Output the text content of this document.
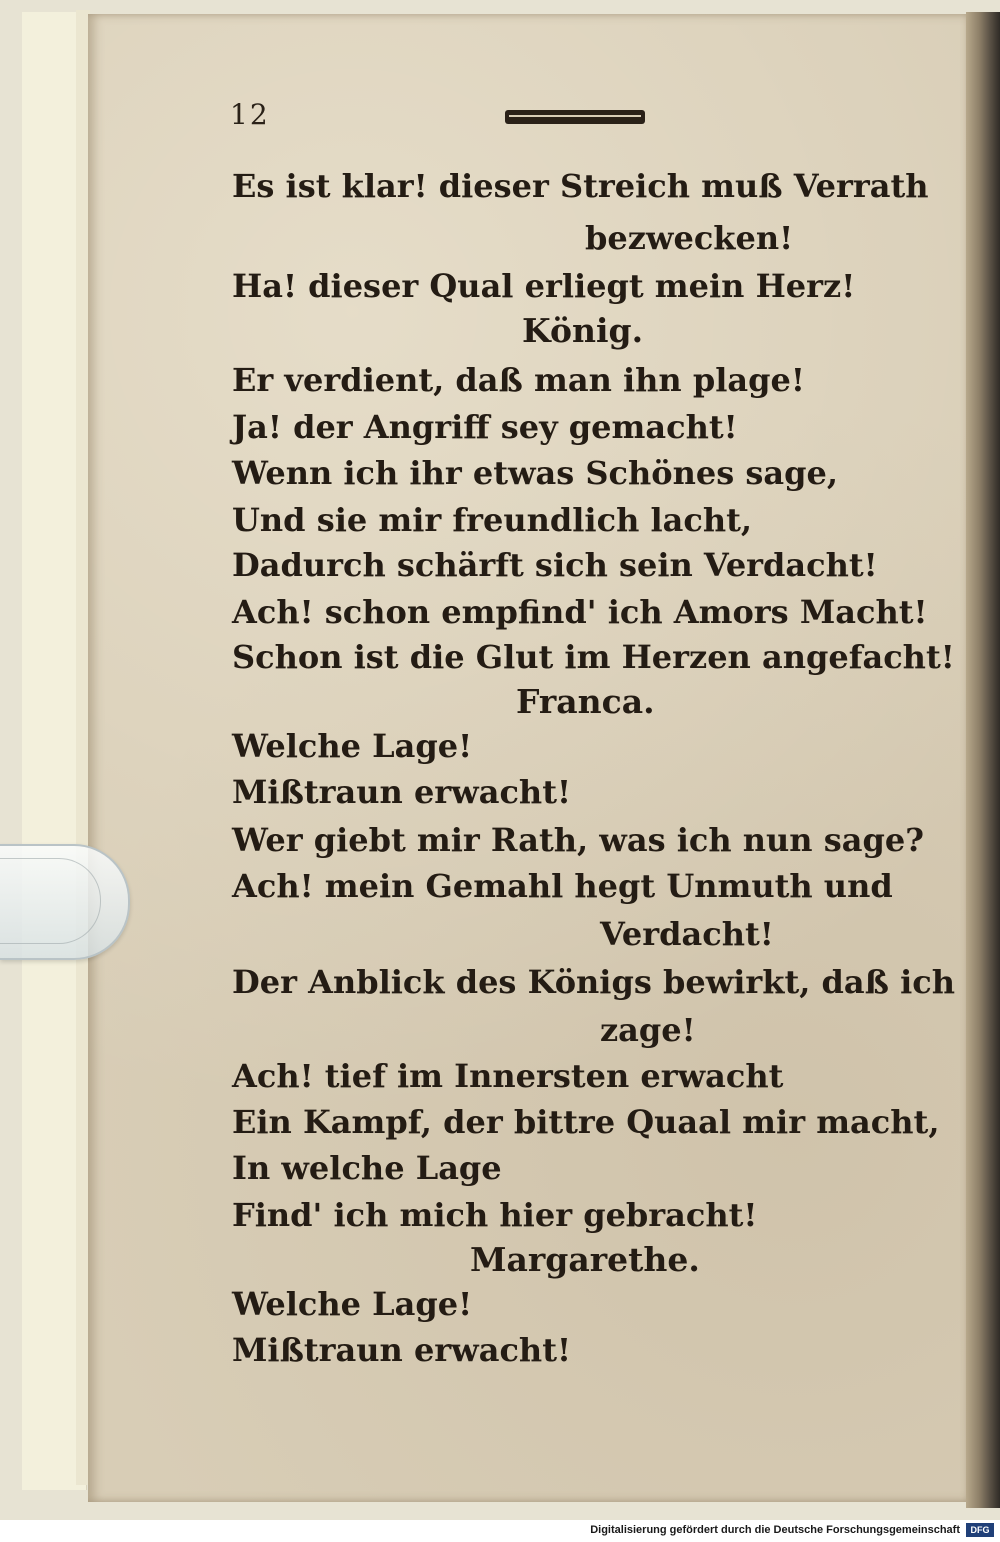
12
Es ist klar! dieser Streich muß Verrath
bezwecken!
Ha! dieser Qual erliegt mein Herz!
König.
Er verdient, daß man ihn plage!
Ja! der Angriff sey gemacht!
Wenn ich ihr etwas Schönes sage,
Und sie mir freundlich lacht,
Dadurch schärft sich sein Verdacht!
Ach! schon empfind' ich Amors Macht!
Schon ist die Glut im Herzen angefacht!
Franca.
Welche Lage!
Mißtraun erwacht!
Wer giebt mir Rath, was ich nun sage?
Ach! mein Gemahl hegt Unmuth und
Verdacht!
Der Anblick des Königs bewirkt, daß ich
zage!
Ach! tief im Innersten erwacht
Ein Kampf, der bittre Quaal mir macht,
In welche Lage
Find' ich mich hier gebracht!
Margarethe.
Welche Lage!
Mißtraun erwacht!
Digitalisierung gefördert durch die Deutsche Forschungsgemeinschaft	DFG
